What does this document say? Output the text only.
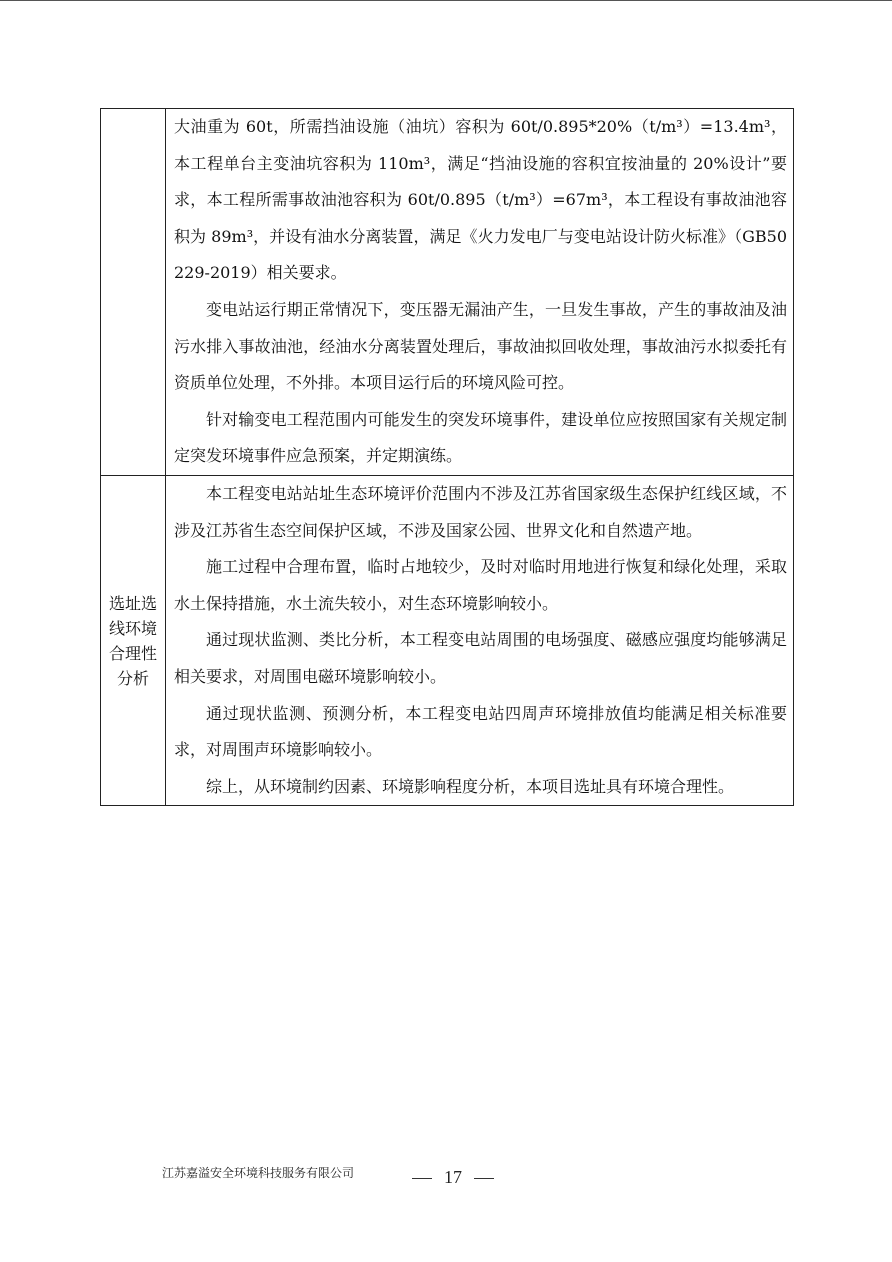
	大油重为 60t，所需挡油设施（油坑）容积为 60t/0.895*20%（t/m³）=13.4m³，本工程单台主变油坑容积为 110m³，满足“挡油设施的容积宜按油量的 20%设计”要求，本工程所需事故油池容积为 60t/0.895（t/m³）=67m³，本工程设有事故油池容积为 89m³，并设有油水分离装置，满足《火力发电厂与变电站设计防火标准》（GB50229-2019）相关要求。

变电站运行期正常情况下，变压器无漏油产生，一旦发生事故，产生的事故油及油污水排入事故油池，经油水分离装置处理后，事故油拟回收处理，事故油污水拟委托有资质单位处理，不外排。本项目运行后的环境风险可控。

针对输变电工程范围内可能发生的突发环境事件，建设单位应按照国家有关规定制定突发环境事件应急预案，并定期演练。

选址选线环境合理性分析	本工程变电站站址生态环境评价范围内不涉及江苏省国家级生态保护红线区域，不涉及江苏省生态空间保护区域，不涉及国家公园、世界文化和自然遗产地。

施工过程中合理布置，临时占地较少，及时对临时用地进行恢复和绿化处理，采取水土保持措施，水土流失较小，对生态环境影响较小。

通过现状监测、类比分析，本工程变电站周围的电场强度、磁感应强度均能够满足相关要求，对周围电磁环境影响较小。

通过现状监测、预测分析，本工程变电站四周声环境排放值均能满足相关标准要求，对周围声环境影响较小。

综上，从环境制约因素、环境影响程度分析，本项目选址具有环境合理性。

江苏嘉溢安全环境科技服务有限公司	17
